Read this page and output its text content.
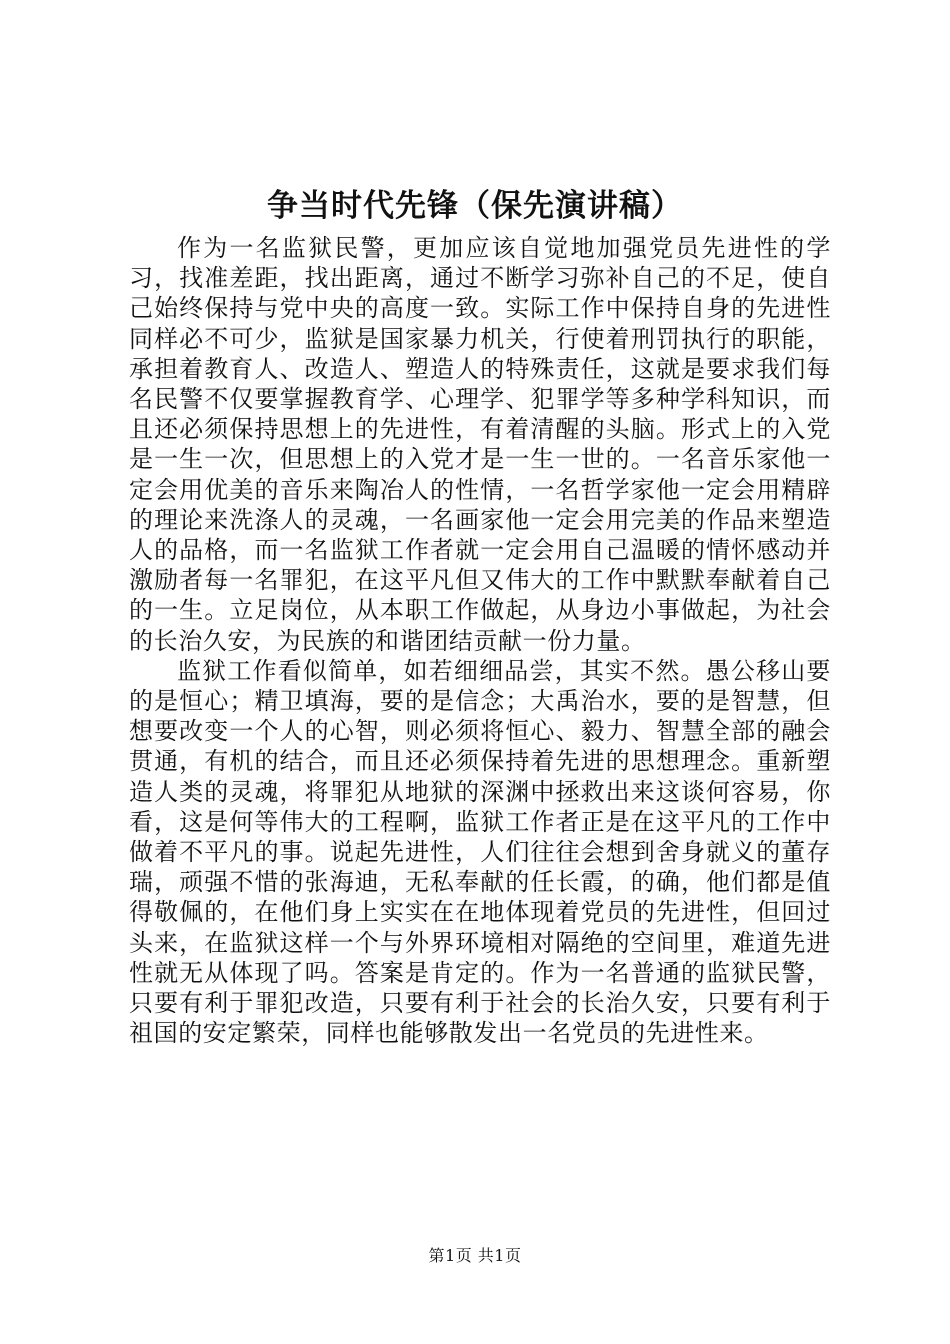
争当时代先锋（保先演讲稿）

作为一名监狱民警，更加应该自觉地加强党员先进性的学习，找准差距，找出距离，通过不断学习弥补自己的不足，使自己始终保持与党中央的高度一致。实际工作中保持自身的先进性同样必不可少，监狱是国家暴力机关，行使着刑罚执行的职能，承担着教育人、改造人、塑造人的特殊责任，这就是要求我们每名民警不仅要掌握教育学、心理学、犯罪学等多种学科知识，而且还必须保持思想上的先进性，有着清醒的头脑。形式上的入党是一生一次，但思想上的入党才是一生一世的。一名音乐家他一定会用优美的音乐来陶冶人的性情，一名哲学家他一定会用精辟的理论来洗涤人的灵魂，一名画家他一定会用完美的作品来塑造人的品格，而一名监狱工作者就一定会用自己温暖的情怀感动并激励者每一名罪犯，在这平凡但又伟大的工作中默默奉献着自己的一生。立足岗位，从本职工作做起，从身边小事做起，为社会的长治久安，为民族的和谐团结贡献一份力量。

监狱工作看似简单，如若细细品尝，其实不然。愚公移山要的是恒心；精卫填海，要的是信念；大禹治水，要的是智慧，但想要改变一个人的心智，则必须将恒心、毅力、智慧全部的融会贯通，有机的结合，而且还必须保持着先进的思想理念。重新塑造人类的灵魂，将罪犯从地狱的深渊中拯救出来这谈何容易，你看，这是何等伟大的工程啊，监狱工作者正是在这平凡的工作中做着不平凡的事。说起先进性，人们往往会想到舍身就义的董存瑞，顽强不惜的张海迪，无私奉献的任长霞，的确，他们都是值得敬佩的，在他们身上实实在在地体现着党员的先进性，但回过头来，在监狱这样一个与外界环境相对隔绝的空间里，难道先进性就无从体现了吗。答案是肯定的。作为一名普通的监狱民警，只要有利于罪犯改造，只要有利于社会的长治久安，只要有利于祖国的安定繁荣，同样也能够散发出一名党员的先进性来。

第1页 共1页
